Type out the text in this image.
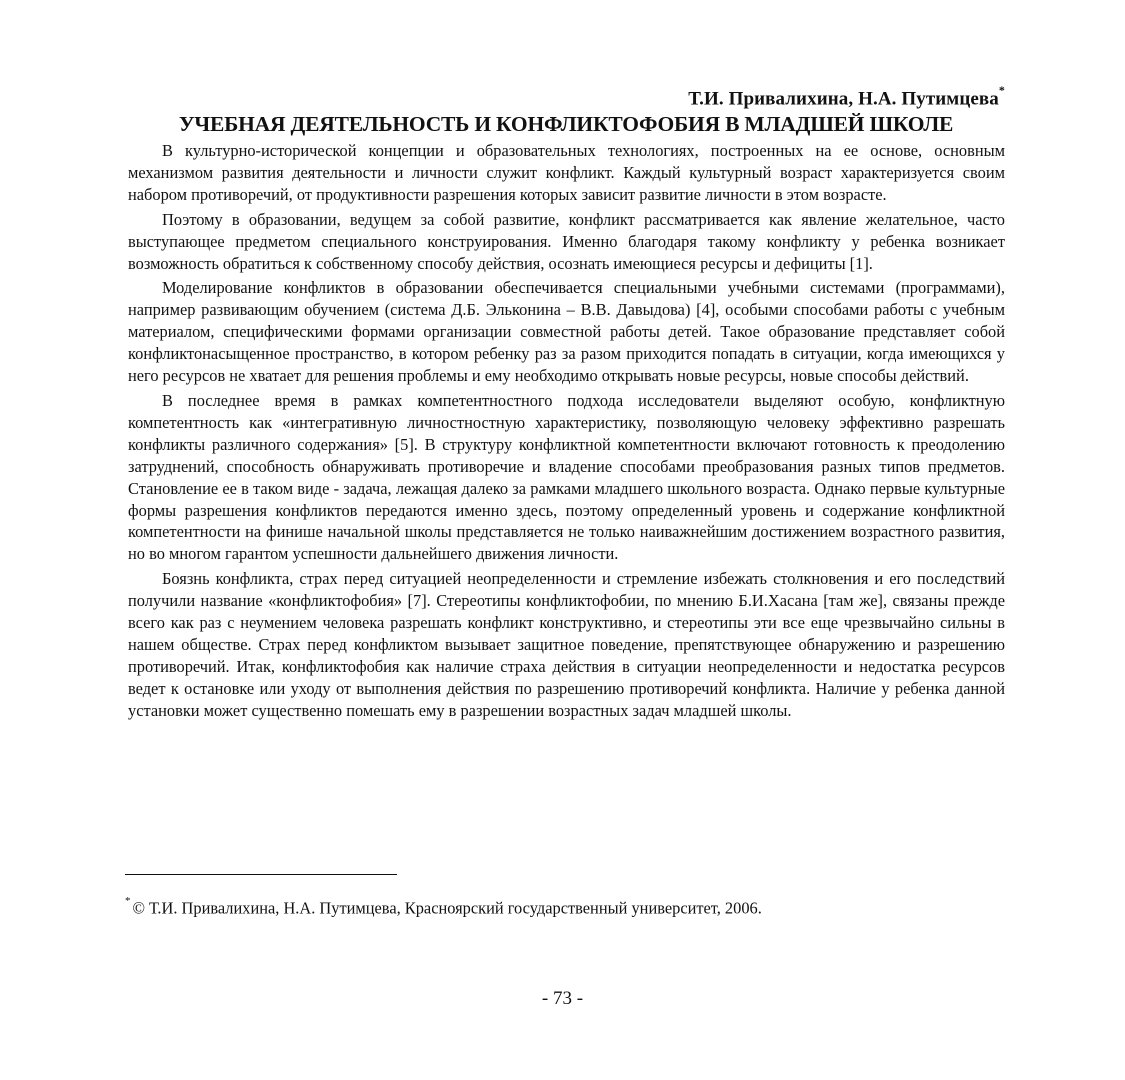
Т.И. Привалихина, Н.А. Путимцева*
УЧЕБНАЯ ДЕЯТЕЛЬНОСТЬ И КОНФЛИКТОФОБИЯ В МЛАДШЕЙ ШКОЛЕ

В культурно-исторической концепции и образовательных технологиях, построенных на ее основе, основным механизмом развития деятельности и личности служит конфликт. Каждый культурный возраст характеризуется своим набором противоречий, от продуктивности разрешения которых зависит развитие личности в этом возрасте.

Поэтому в образовании, ведущем за собой развитие, конфликт рассматривается как явление желательное, часто выступающее предметом специального конструирования. Именно благодаря такому конфликту у ребенка возникает возможность обратиться к собственному способу действия, осознать имеющиеся ресурсы и дефициты [1].

Моделирование конфликтов в образовании обеспечивается специальными учебными системами (программами), например развивающим обучением (система Д.Б. Эльконина – В.В. Давыдова) [4], особыми способами работы с учебным материалом, специфическими формами организации совместной работы детей. Такое образование представляет собой конфликтонасыщенное пространство, в котором ребенку раз за разом приходится попадать в ситуации, когда имеющихся у него ресурсов не хватает для решения проблемы и ему необходимо открывать новые ресурсы, новые способы действий.

В последнее время в рамках компетентностного подхода исследователи выделяют особую, конфликтную компетентность как «интегративную личностностную характеристику, позволяющую человеку эффективно разрешать конфликты различного содержания» [5]. В структуру конфликтной компетентности включают готовность к преодолению затруднений, способность обнаруживать противоречие и владение способами преобразования разных типов предметов. Становление ее в таком виде - задача, лежащая далеко за рамками младшего школьного возраста. Однако первые культурные формы разрешения конфликтов передаются именно здесь, поэтому определенный уровень и содержание конфликтной компетентности на финише начальной школы представляется не только наиважнейшим достижением возрастного развития, но во многом гарантом успешности дальнейшего движения личности.

Боязнь конфликта, страх перед ситуацией неопределенности и стремление избежать столкновения и его последствий получили название «конфликтофобия» [7]. Стереотипы конфликтофобии, по мнению Б.И.Хасана [там же], связаны прежде всего как раз с неумением человека разрешать конфликт конструктивно, и стереотипы эти все еще чрезвычайно сильны в нашем обществе. Страх перед конфликтом вызывает защитное поведение, препятствующее обнаружению и разрешению противоречий. Итак, конфликтофобия как наличие страха действия в ситуации неопределенности и недостатка ресурсов ведет к остановке или уходу от выполнения действия по разрешению противоречий конфликта. Наличие у ребенка данной установки может существенно помешать ему в разрешении возрастных задач младшей школы.

* © Т.И. Привалихина, Н.А. Путимцева, Красноярский государственный университет, 2006.
- 73 -
